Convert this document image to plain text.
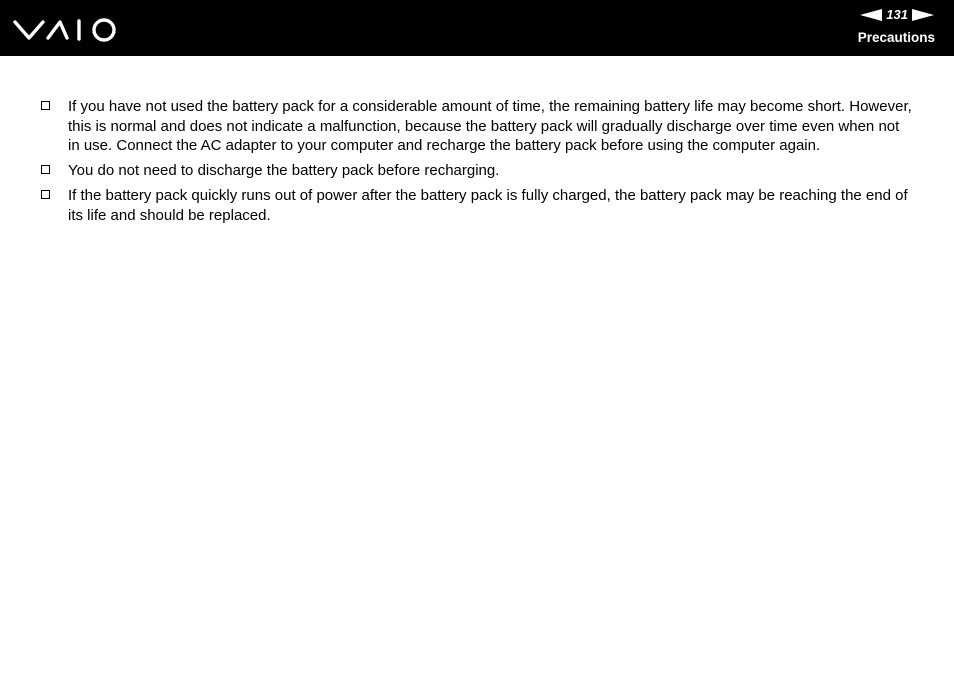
131
Precautions
If you have not used the battery pack for a considerable amount of time, the remaining battery life may become short. However, this is normal and does not indicate a malfunction, because the battery pack will gradually discharge over time even when not in use. Connect the AC adapter to your computer and recharge the battery pack before using the computer again.
You do not need to discharge the battery pack before recharging.
If the battery pack quickly runs out of power after the battery pack is fully charged, the battery pack may be reaching the end of its life and should be replaced.
